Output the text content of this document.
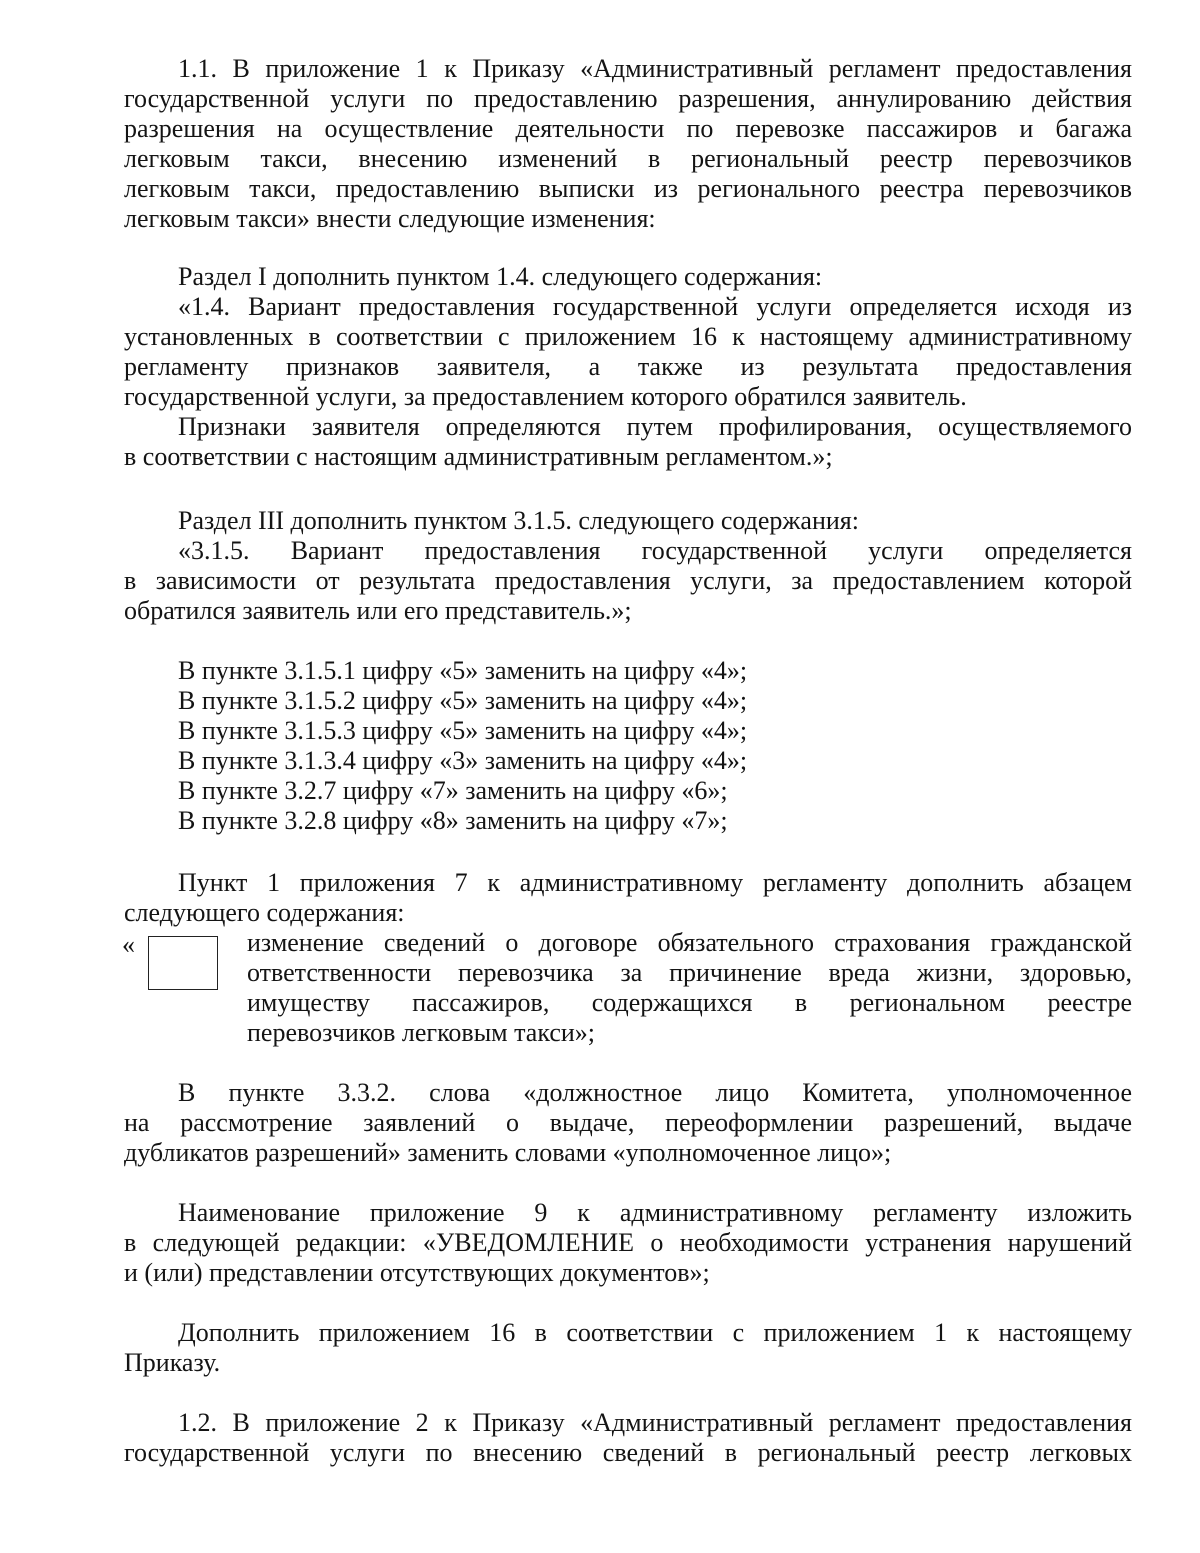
1.1. В приложение 1 к Приказу «Административный регламент предоставления
государственной услуги по предоставлению разрешения, аннулированию действия
разрешения на осуществление деятельности по перевозке пассажиров и багажа
легковым такси, внесению изменений в региональный реестр перевозчиков
легковым такси, предоставлению выписки из регионального реестра перевозчиков
легковым такси» внести следующие изменения:
Раздел I дополнить пунктом 1.4. следующего содержания:
«1.4. Вариант предоставления государственной услуги определяется исходя из
установленных в соответствии с приложением 16 к настоящему административному
регламенту признаков заявителя, а также из результата предоставления
государственной услуги, за предоставлением которого обратился заявитель.
Признаки заявителя определяются путем профилирования, осуществляемого
в соответствии с настоящим административным регламентом.»;
Раздел III дополнить пунктом 3.1.5. следующего содержания:
«3.1.5. Вариант предоставления государственной услуги определяется
в зависимости от результата предоставления услуги, за предоставлением которой
обратился заявитель или его представитель.»;
В пункте 3.1.5.1 цифру «5» заменить на цифру «4»;
В пункте 3.1.5.2 цифру «5» заменить на цифру «4»;
В пункте 3.1.5.3 цифру «5» заменить на цифру «4»;
В пункте 3.1.3.4 цифру «3» заменить на цифру «4»;
В пункте 3.2.7 цифру «7» заменить на цифру «6»;
В пункте 3.2.8 цифру «8» заменить на цифру «7»;
Пункт 1 приложения 7 к административному регламенту дополнить абзацем
следующего содержания:
«	изменение сведений о договоре обязательного страхования гражданской
ответственности перевозчика за причинение вреда жизни, здоровью,
имуществу пассажиров, содержащихся в региональном реестре
перевозчиков легковым такси»;
В пункте 3.3.2. слова «должностное лицо Комитета, уполномоченное
на рассмотрение заявлений о выдаче, переоформлении разрешений, выдаче
дубликатов разрешений» заменить словами «уполномоченное лицо»;
Наименование приложение 9 к административному регламенту изложить
в следующей редакции: «УВЕДОМЛЕНИЕ о необходимости устранения нарушений
и (или) представлении отсутствующих документов»;
Дополнить приложением 16 в соответствии с приложением 1 к настоящему
Приказу.
1.2. В приложение 2 к Приказу «Административный регламент предоставления
государственной услуги по внесению сведений в региональный реестр легковых
